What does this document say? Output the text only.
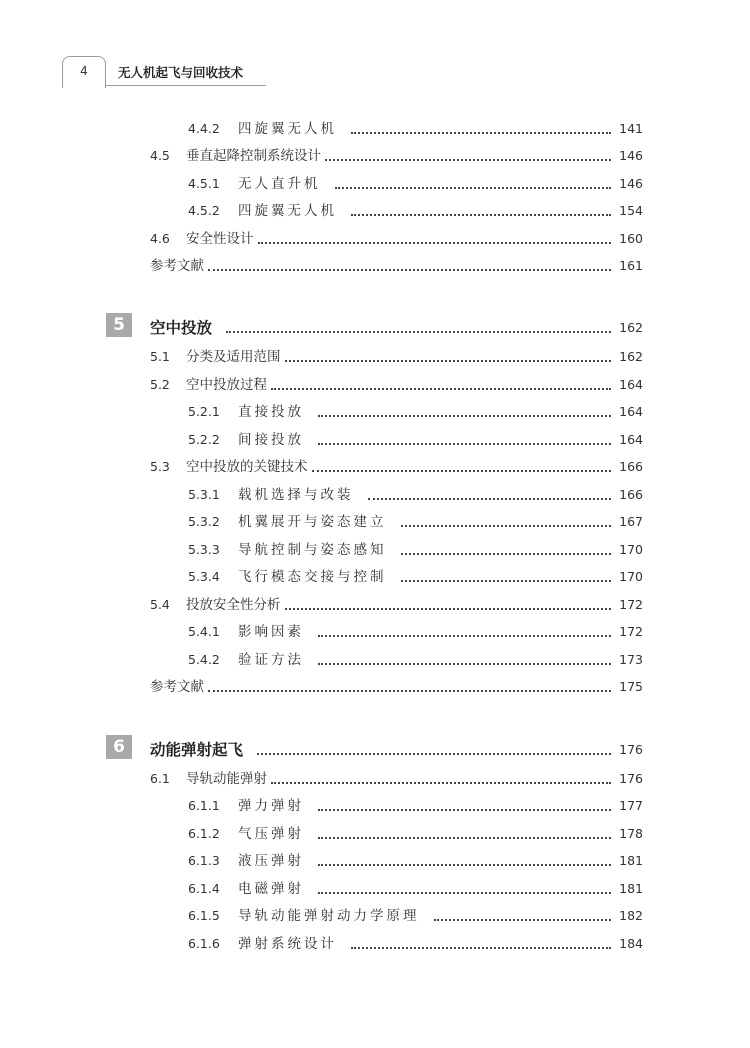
4	无人机起飞与回收技术
4.4.2	四旋翼无人机	141
4.5	垂直起降控制系统设计	146
4.5.1	无人直升机	146
4.5.2	四旋翼无人机	154
4.6	安全性设计	160
参考文献	161
5	空中投放	162
5.1	分类及适用范围	162
5.2	空中投放过程	164
5.2.1	直接投放	164
5.2.2	间接投放	164
5.3	空中投放的关键技术	166
5.3.1	载机选择与改装	166
5.3.2	机翼展开与姿态建立	167
5.3.3	导航控制与姿态感知	170
5.3.4	飞行模态交接与控制	170
5.4	投放安全性分析	172
5.4.1	影响因素	172
5.4.2	验证方法	173
参考文献	175
6	动能弹射起飞	176
6.1	导轨动能弹射	176
6.1.1	弹力弹射	177
6.1.2	气压弹射	178
6.1.3	液压弹射	181
6.1.4	电磁弹射	181
6.1.5	导轨动能弹射动力学原理	182
6.1.6	弹射系统设计	184
